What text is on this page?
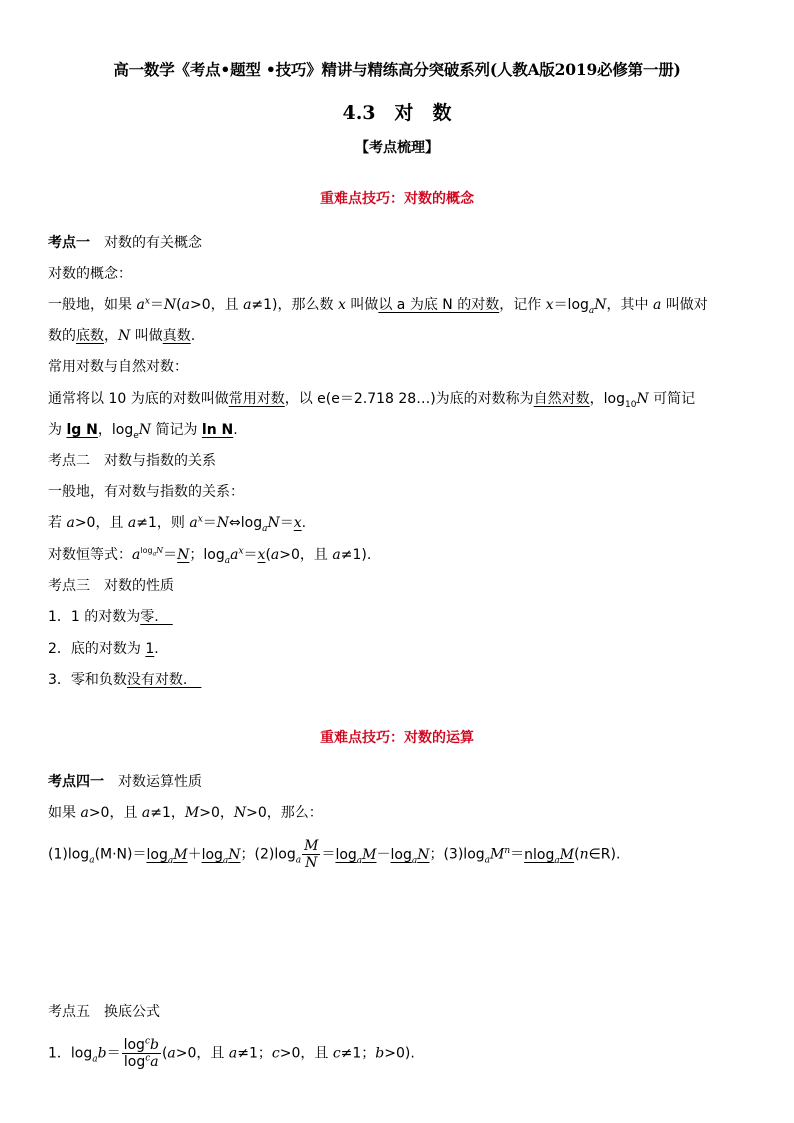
高一数学《考点•题型 •技巧》精讲与精练高分突破系列(人教A版2019必修第一册)
4.3　对　数
【考点梳理】
重难点技巧：对数的概念
考点一 对数的有关概念
对数的概念：
一般地，如果 $a^x=N(a>0$，且 a≠1)，那么数 x 叫做以 a 为底 N 的对数，记作 $x=\log_aN$，其中 a 叫做对
数的底数，N 叫做真数.
常用对数与自然对数：
通常将以 10 为底的对数叫做常用对数，以 e(e＝2.718 28…)为底的对数称为自然对数，$\log_{10}N$ 可简记
为 lg N，$\log_eN$ 简记为 ln N.
考点二 对数与指数的关系
一般地，有对数与指数的关系：
若 a>0，且 a≠1，则 $a^x=N\Leftrightarrow\log_aN=x$.
对数恒等式：$a^{log_aN}=N$；$\log_aa^x=x(a>0$，且 a≠1).
考点三 对数的性质
1．1 的对数为零.　
2．底的对数为 1.
3．零和负数没有对数.　
重难点技巧：对数的运算
考点四一 对数运算性质
如果 a>0，且 a≠1，M>0，N>0，那么：
$(1)\log_a(M\cdot N)=\log_aM+\log_aN$；$(2)\log_a \frac{M}{N} =\log_aM-\log_aN$；$(3)\log_aM^n=nlog_aM(n\in R)$.
考点五 换底公式
1．$\log_ab= \frac{\log^cb}{\log^ca} (a>0$，且 a≠1；c>0，且 c≠1；b>0).
